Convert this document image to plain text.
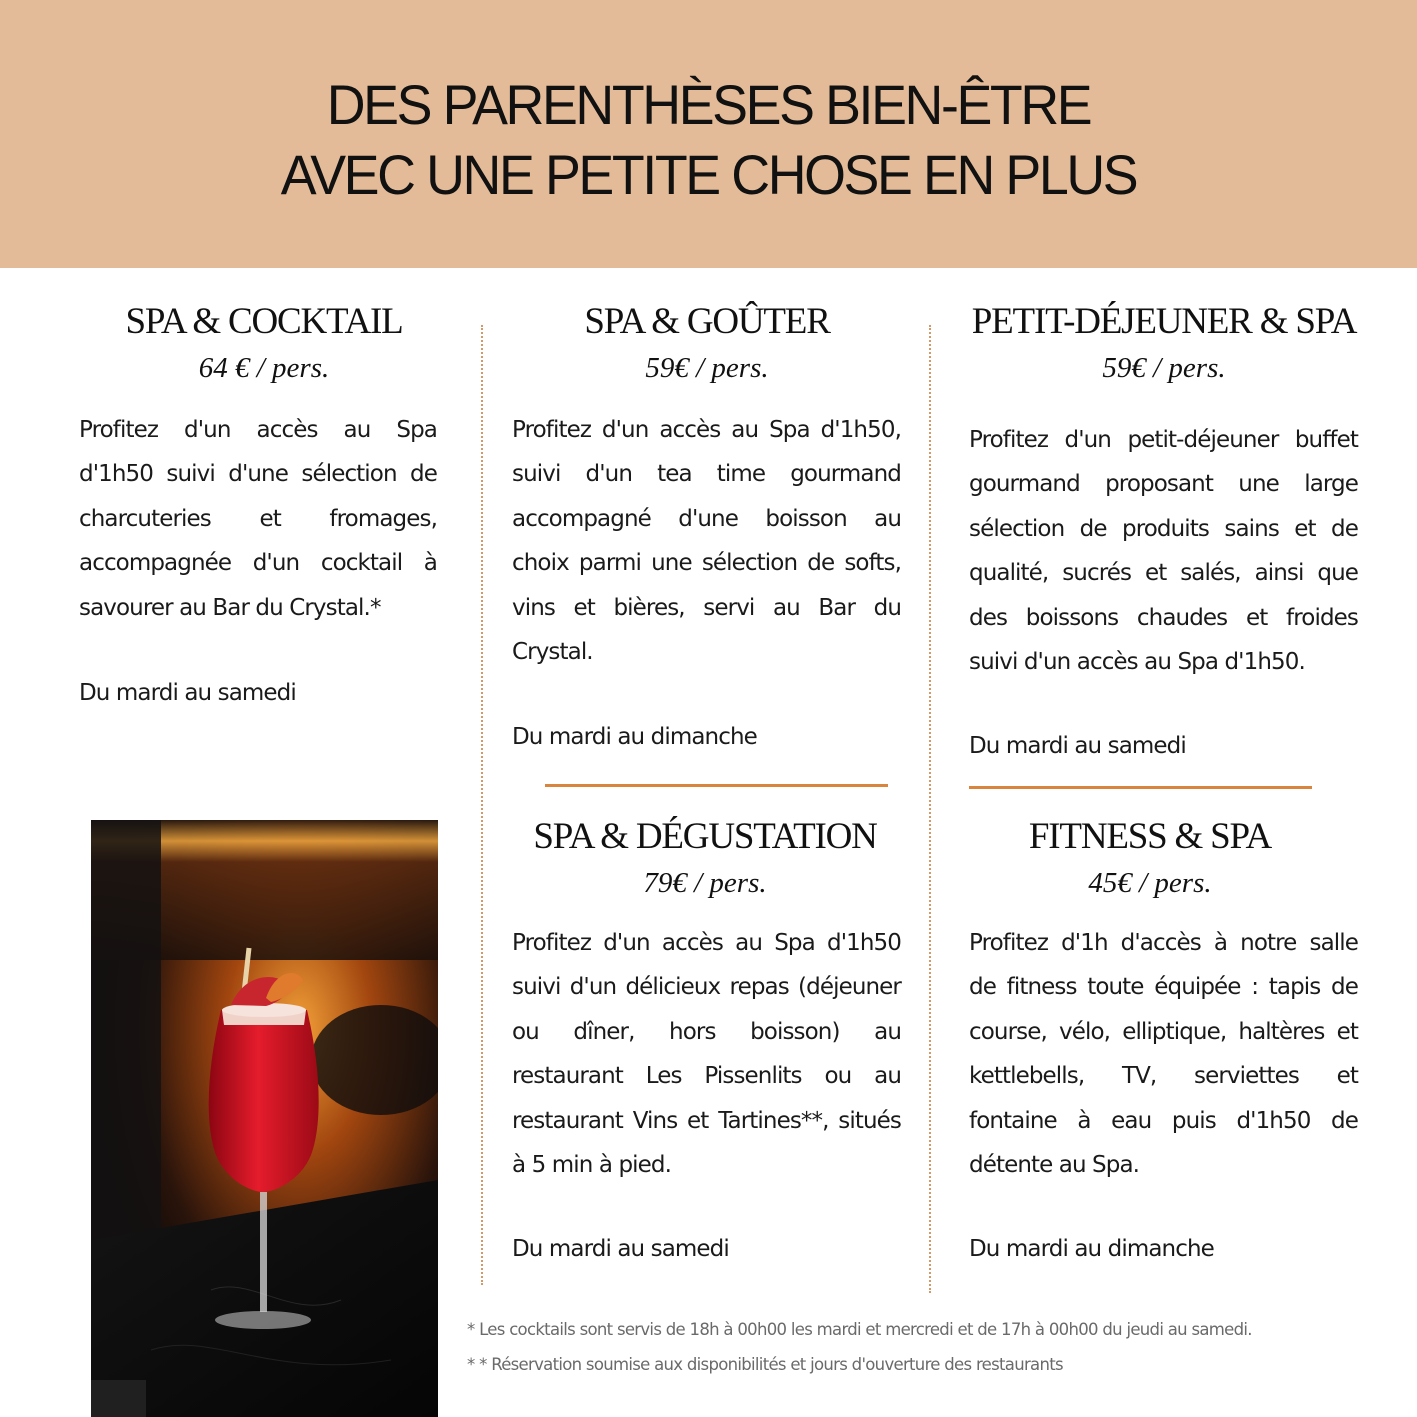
DES PARENTHÈSES BIEN-ÊTRE
AVEC UNE PETITE CHOSE EN PLUS
SPA & COCKTAIL
64 € / pers.
Profitez d'un accès au Spa d'1h50 suivi d'une sélection de charcuteries et fromages, accompagnée d'un cocktail à savourer au Bar du Crystal.*
Du mardi au samedi
SPA & GOÛTER
59€ / pers.
Profitez d'un accès au Spa d'1h50, suivi d'un tea time gourmand accompagné d'une boisson au choix parmi une sélection de softs, vins et bières, servi au Bar du Crystal.
Du mardi au dimanche
PETIT-DÉJEUNER & SPA
59€ / pers.
Profitez d'un petit-déjeuner buffet gourmand proposant une large sélection de produits sains et de qualité, sucrés et salés, ainsi que des boissons chaudes et froides suivi d'un accès au Spa d'1h50.
Du mardi au samedi
SPA & DÉGUSTATION
79€ / pers.
Profitez d'un accès au Spa d'1h50 suivi d'un délicieux repas (déjeuner ou dîner, hors boisson) au restaurant Les Pissenlits ou au restaurant Vins et Tartines**, situés à 5 min à pied.
Du mardi au samedi
FITNESS & SPA
45€ / pers.
Profitez d'1h d'accès à notre salle de fitness toute équipée : tapis de course, vélo, elliptique, haltères et kettlebells, TV, serviettes et fontaine à eau puis d'1h50 de détente au Spa.
Du mardi au dimanche
* Les cocktails sont servis de 18h à 00h00 les mardi et mercredi et de 17h à 00h00 du jeudi au samedi.
* * Réservation soumise aux disponibilités et jours d'ouverture des restaurants
